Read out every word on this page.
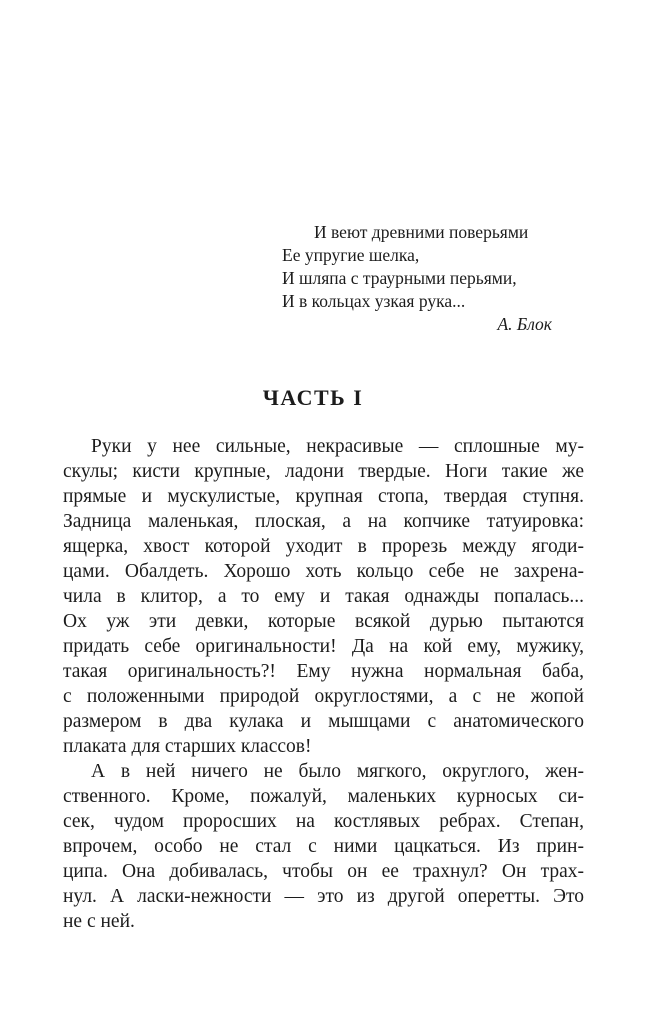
И веют древними поверьями
Ее упругие шелка,
И шляпа с траурными перьями,
И в кольцах узкая рука...
А. Блок
ЧАСТЬ I
Руки у нее сильные, некрасивые — сплошные му-
скулы; кисти крупные, ладони твердые. Ноги такие же
прямые и мускулистые, крупная стопа, твердая ступня.
Задница маленькая, плоская, а на копчике татуировка:
ящерка, хвост которой уходит в прорезь между ягоди-
цами. Обалдеть. Хорошо хоть кольцо себе не захрена-
чила в клитор, а то ему и такая однажды попалась...
Ох уж эти девки, которые всякой дурью пытаются
придать себе оригинальности! Да на кой ему, мужику,
такая оригинальность?! Ему нужна нормальная баба,
с положенными природой округлостями, а с не жопой
размером в два кулака и мышцами с анатомического
плаката для старших классов!
А в ней ничего не было мягкого, округлого, жен-
ственного. Кроме, пожалуй, маленьких курносых си-
сек, чудом проросших на костлявых ребрах. Степан,
впрочем, особо не стал с ними цацкаться. Из прин-
ципа. Она добивалась, чтобы он ее трахнул? Он трах-
нул. А ласки-нежности — это из другой оперетты. Это
не с ней.
